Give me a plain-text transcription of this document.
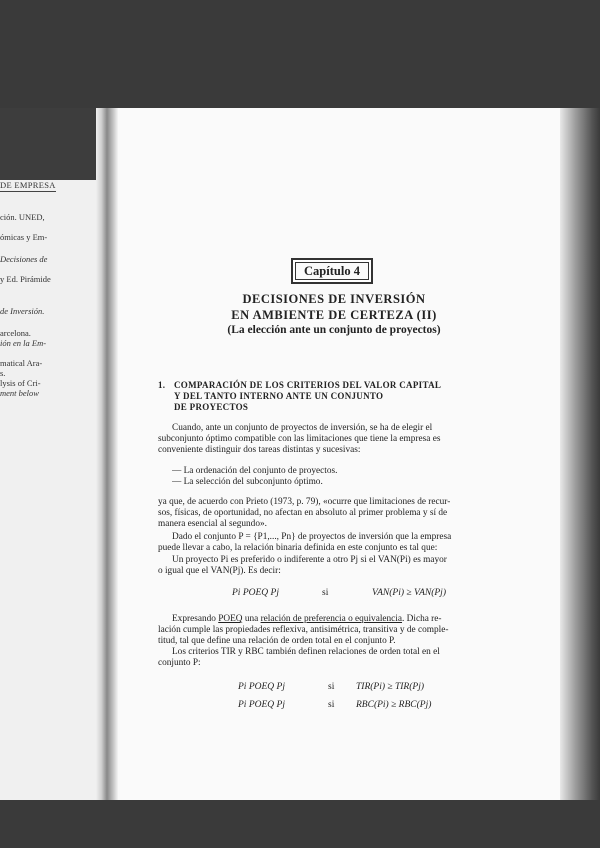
DE EMPRESA
ción. UNED,
ómicas y Em-
Decisiones de
y Ed. Pirámide
de Inversión.
arcelona.
ión en la Em-
matical Ara-
s.
lysis of Cri-
ment below
Capítulo 4
DECISIONES DE INVERSIÓN
EN AMBIENTE DE CERTEZA (II)
(La elección ante un conjunto de proyectos)
1. COMPARACIÓN DE LOS CRITERIOS DEL VALOR CAPITAL
Y DEL TANTO INTERNO ANTE UN CONJUNTO
DE PROYECTOS
Cuando, ante un conjunto de proyectos de inversión, se ha de elegir el
subconjunto óptimo compatible con las limitaciones que tiene la empresa es
conveniente distinguir dos tareas distintas y sucesivas:
— La ordenación del conjunto de proyectos.
— La selección del subconjunto óptimo.
ya que, de acuerdo con Prieto (1973, p. 79), «ocurre que limitaciones de recur-
sos, físicas, de oportunidad, no afectan en absoluto al primer problema y sí de
manera esencial al segundo».
Dado el conjunto P = {P1,..., Pn} de proyectos de inversión que la empresa
puede llevar a cabo, la relación binaria definida en este conjunto es tal que:
Un proyecto Pi es preferido o indiferente a otro Pj si el VAN(Pi) es mayor
o igual que el VAN(Pj). Es decir:
Pi POEQ Pj	si	VAN(Pi) ≥ VAN(Pj)
Expresando POEQ una relación de preferencia o equivalencia. Dicha re-
lación cumple las propiedades reflexiva, antisimétrica, transitiva y de comple-
titud, tal que define una relación de orden total en el conjunto P.
Los criterios TIR y RBC también definen relaciones de orden total en el
conjunto P:
Pi POEQ Pj	si TIR(Pi) ≥ TIR(Pj)
Pi POEQ Pj	si RBC(Pi) ≥ RBC(Pj)
